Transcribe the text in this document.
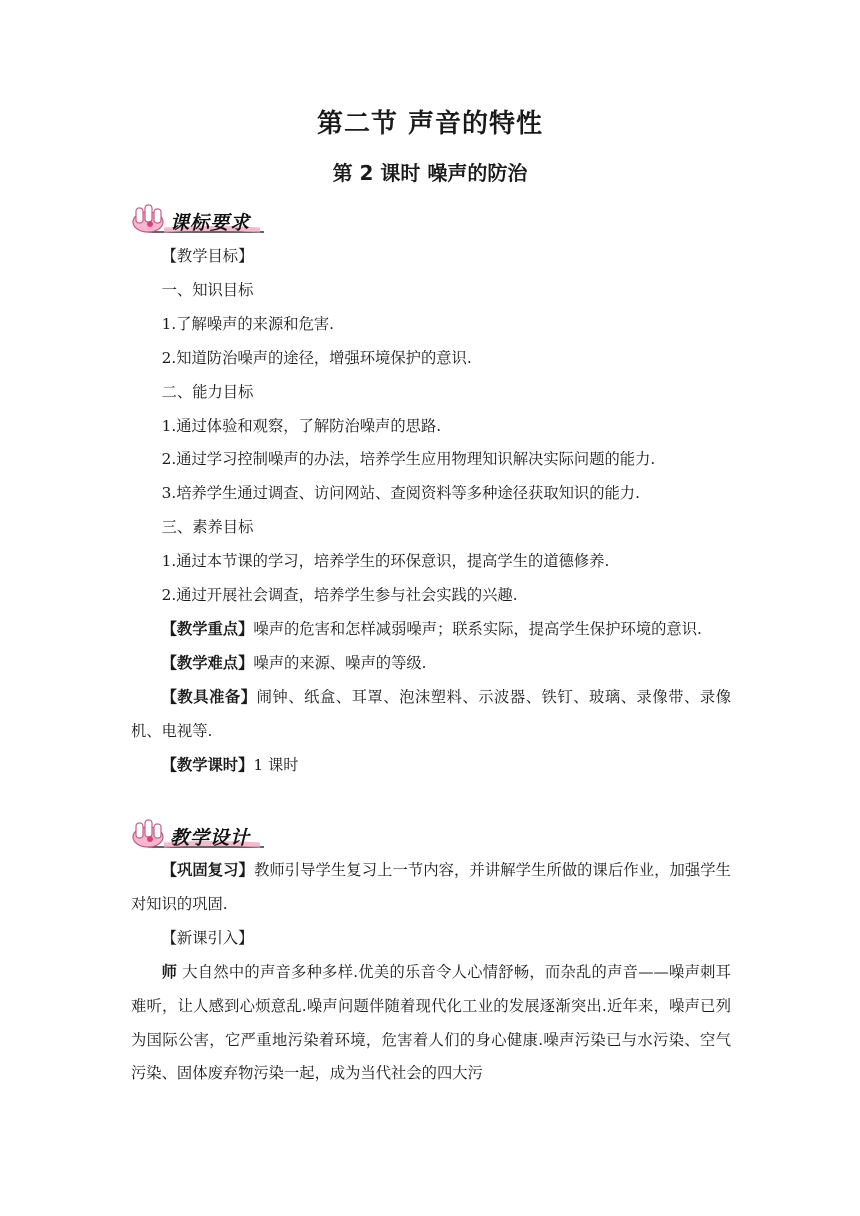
第二节 声音的特性
第 2 课时 噪声的防治
课标要求

【教学目标】

一、知识目标

1.了解噪声的来源和危害.

2.知道防治噪声的途径，增强环境保护的意识.

二、能力目标

1.通过体验和观察，了解防治噪声的思路.

2.通过学习控制噪声的办法，培养学生应用物理知识解决实际问题的能力.

3.培养学生通过调查、访问网站、查阅资料等多种途径获取知识的能力.

三、素养目标

1.通过本节课的学习，培养学生的环保意识，提高学生的道德修养.

2.通过开展社会调查，培养学生参与社会实践的兴趣.

【教学重点】噪声的危害和怎样减弱噪声；联系实际，提高学生保护环境的意识.

【教学难点】噪声的来源、噪声的等级.

【教具准备】闹钟、纸盒、耳罩、泡沫塑料、示波器、铁钉、玻璃、录像带、录像机、电视等.

【教学课时】1 课时

教学设计

【巩固复习】教师引导学生复习上一节内容，并讲解学生所做的课后作业，加强学生对知识的巩固.

【新课引入】

师 大自然中的声音多种多样.优美的乐音令人心情舒畅，而杂乱的声音——噪声刺耳难听，让人感到心烦意乱.噪声问题伴随着现代化工业的发展逐渐突出.近年来，噪声已列为国际公害，它严重地污染着环境，危害着人们的身心健康.噪声污染已与水污染、空气污染、固体废弃物污染一起，成为当代社会的四大污
